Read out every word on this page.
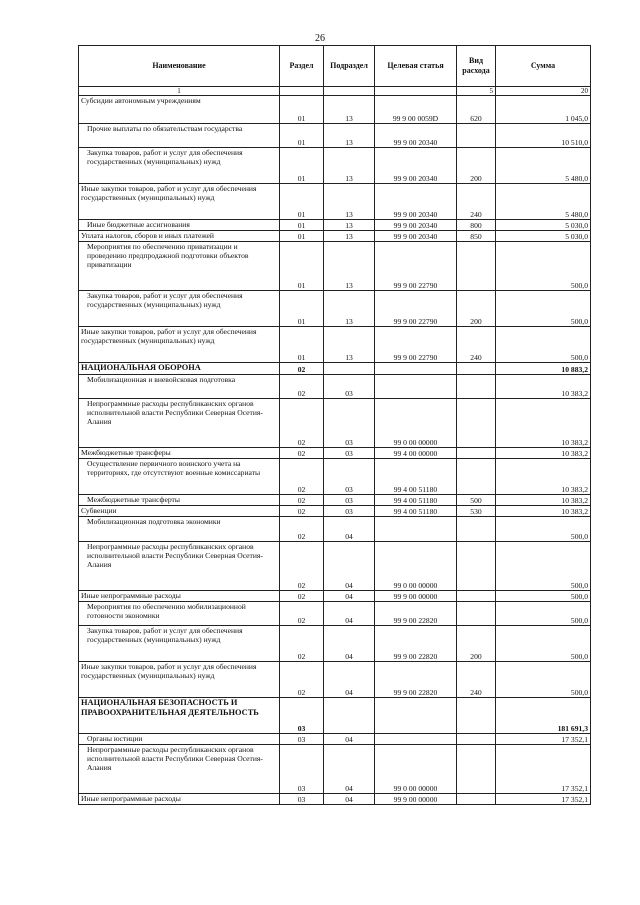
26
Наименование	Раздел	Подраздел	Целевая статья	Вид расхода	Сумма
1				5	20
Субсидии автономным учреждениям	01	13	99 9 00 0059D	620	1 045,0

Прочие выплаты по обязательствам государства	01	13	99 9 00 20340		10 510,0

Закупка товаров, работ и услуг для обеспечения государственных (муниципальных) нужд	01	13	99 9 00 20340	200	5 480,0
Иные закупки товаров, работ и услуг для обеспечения государственных (муниципальных) нужд	01	13	99 9 00 20340	240	5 480,0

Иные бюджетные ассигнования	01	13	99 9 00 20340	800	5 030,0
Уплата налогов, сборов и иных платежей	01	13	99 9 00 20340	850	5 030,0

Мероприятия по обеспечению приватизации и проведению предпродажной подготовки объектов приватизации	01	13	99 9 00 22790		500,0

Закупка товаров, работ и услуг для обеспечения государственных (муниципальных) нужд	01	13	99 9 00 22790	200	500,0
Иные закупки товаров, работ и услуг для обеспечения государственных (муниципальных) нужд	01	13	99 9 00 22790	240	500,0
НАЦИОНАЛЬНАЯ ОБОРОНА	02				10 883,2

Мобилизационная и вневойсковая подготовка	02	03			10 383,2

Непрограммные расходы республиканских органов исполнительной власти Республики Северная Осетия-Алания	02	03	99 0 00 00000		10 383,2
Межбюджетные трансферы	02	03	99 4 00 00000		10 383,2

Осуществление первичного воинского учета на территориях, где отсутствуют военные комиссариаты	02	03	99 4 00 51180		10 383,2

Межбюджетные трансферты	02	03	99 4 00 51180	500	10 383,2
Субвенции	02	03	99 4 00 51180	530	10 383,2

Мобилизационная подготовка экономики	02	04			500,0

Непрограммные расходы республиканских органов исполнительной власти Республики Северная Осетия-Алания	02	04	99 0 00 00000		500,0
Иные непрограммные расходы	02	04	99 9 00 00000		500,0

Мероприятия по обеспечению мобилизационной готовности экономики	02	04	99 9 00 22820		500,0

Закупка товаров, работ и услуг для обеспечения государственных (муниципальных) нужд	02	04	99 9 00 22820	200	500,0
Иные закупки товаров, работ и услуг для обеспечения государственных (муниципальных) нужд	02	04	99 9 00 22820	240	500,0
НАЦИОНАЛЬНАЯ БЕЗОПАСНОСТЬ И ПРАВООХРАНИТЕЛЬНАЯ ДЕЯТЕЛЬНОСТЬ	03				181 691,3

Органы юстиции	03	04			17 352,1

Непрограммные расходы республиканских органов исполнительной власти Республики Северная Осетия-Алания	03	04	99 0 00 00000		17 352,1
Иные непрограммные расходы	03	04	99 9 00 00000		17 352,1
